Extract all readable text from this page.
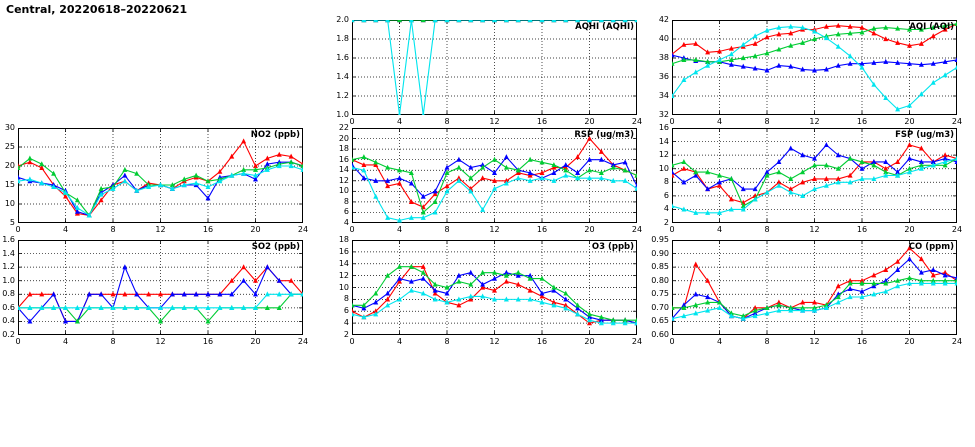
Central, 20220618–20220621
AQHI (AQHI)
1.0
1.2
1.4
1.6
1.8
2.0
0	4	8	12	16	20	24
AQI (AQI)
32
34
36
38
40
42
0	4	8	12	16	20	24
NO2 (ppb)
5
10
15
20
25
30
0	4	8	12	16	20	24
RSP (ug/m3)
4
6
8
10
12
14
16
18
20
22
0	4	8	12	16	20	24
FSP (ug/m3)
2
4
6
8
10
12
14
16
0	4	8	12	16	20	24
SO2 (ppb)
0.2
0.4
0.6
0.8
1.0
1.2
1.4
1.6
0	4	8	12	16	20	24
O3 (ppb)
2
4
6
8
10
12
14
16
18
0	4	8	12	16	20	24
CO (ppm)
0.60
0.65
0.70
0.75
0.80
0.85
0.90
0.95
0	4	8	12	16	20	24
